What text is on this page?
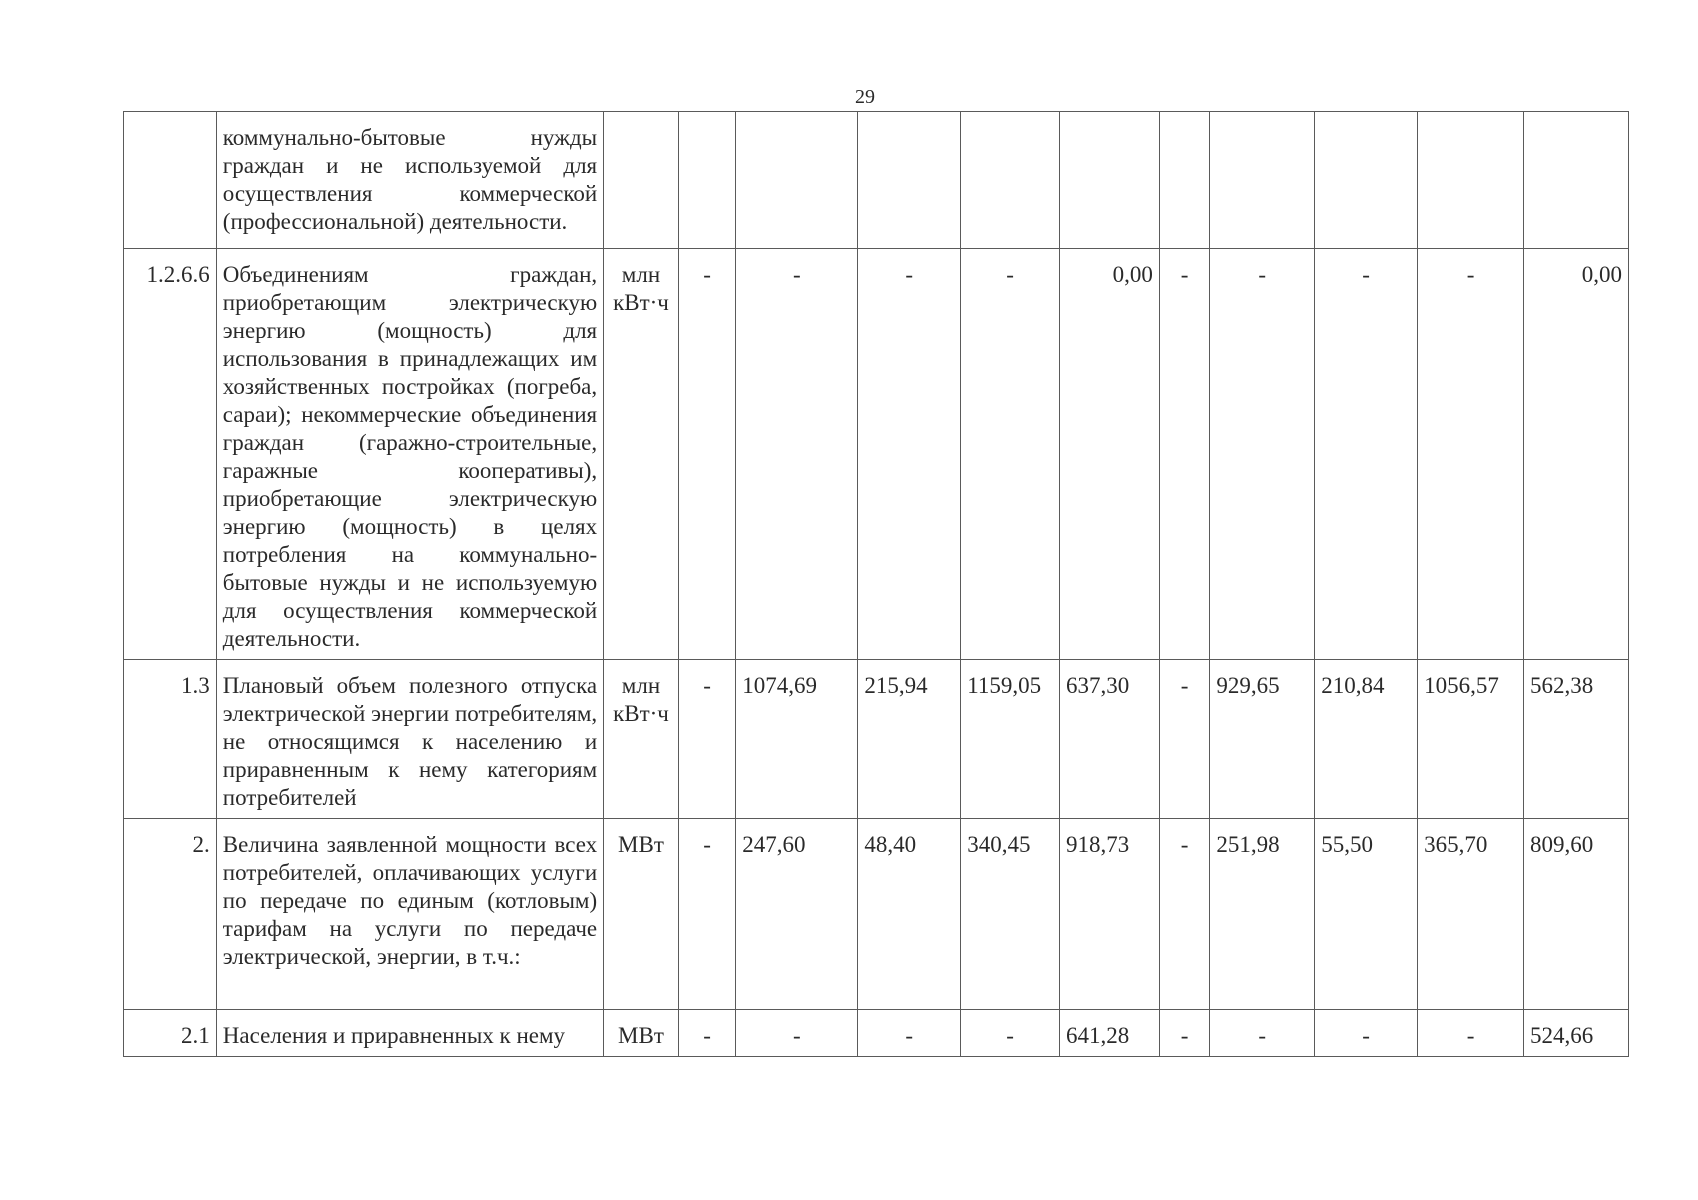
29
	коммунально-бытовые нужды граждан и не используемой для осуществления коммерческой (профессиональной) деятельности.											
1.2.6.6	Объединениям граждан, приобретающим электрическую энергию (мощность) для использования в принадлежащих им хозяйственных постройках (погреба, сараи); некоммерческие объединения граждан (гаражно-строительные, гаражные кооперативы), приобретающие электрическую энергию (мощность) в целях потребления на коммунально-бытовые нужды и не используемую для осуществления коммерческой деятельности.	млн кВт·ч	-	-	-	-	0,00	-	-	-	-	0,00
1.3	Плановый объем полезного отпуска электрической энергии потребителям, не относящимся к населению и приравненным к нему категориям потребителей	млн кВт·ч	-	1074,69	215,94	1159,05	637,30	-	929,65	210,84	1056,57	562,38
2.	Величина заявленной мощности всех потребителей, оплачивающих услуги по передаче по единым (котловым) тарифам на услуги по передаче электрической, энергии, в т.ч.:	МВт	-	247,60	48,40	340,45	918,73	-	251,98	55,50	365,70	809,60
2.1	Населения и приравненных к нему	МВт	-	-	-	-	641,28	-	-	-	-	524,66
